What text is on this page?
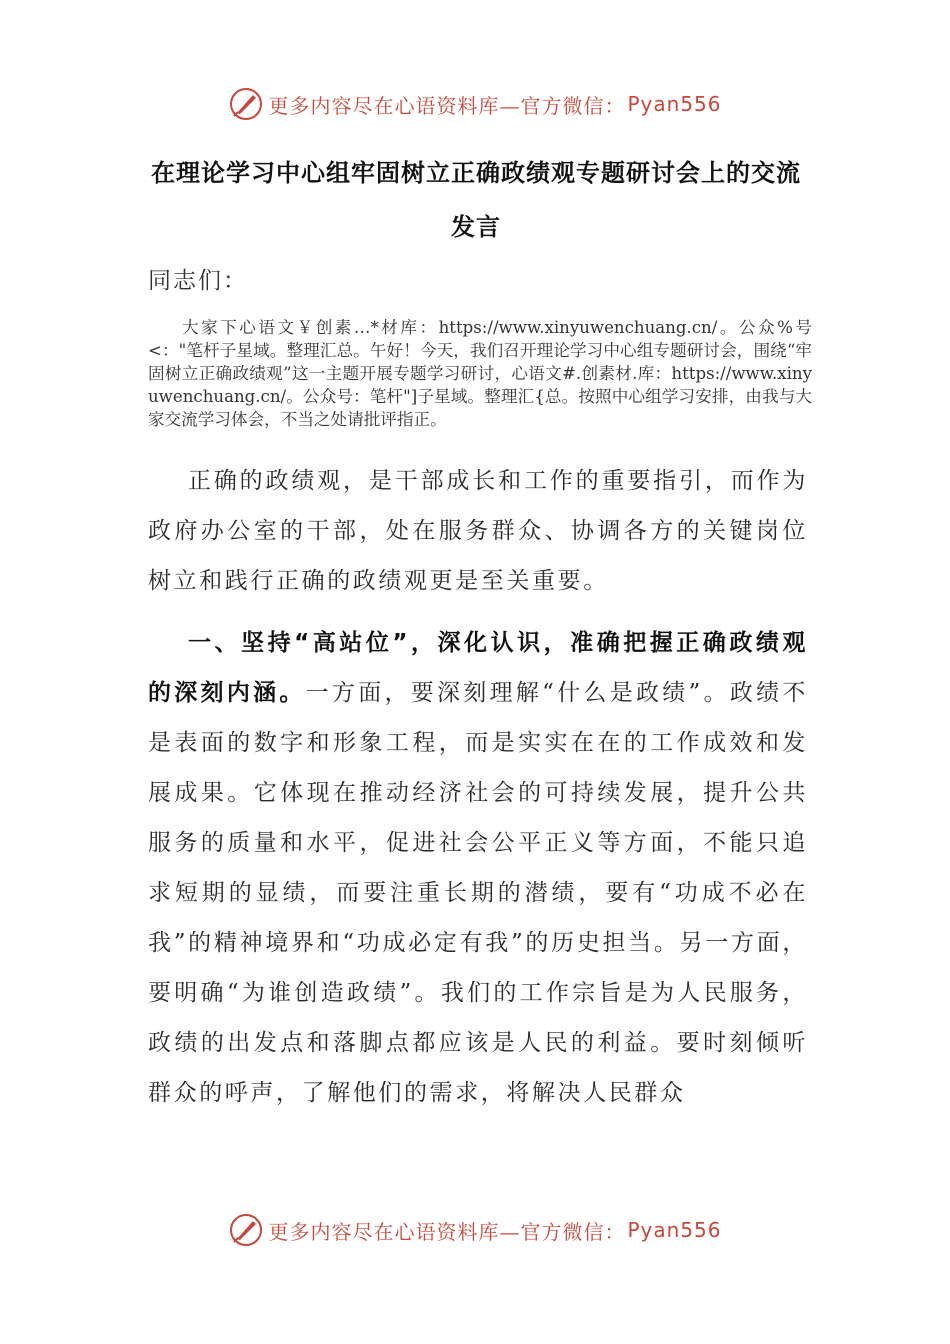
更多内容尽在心语资料库—官方微信： Pyan556
在理论学习中心组牢固树立正确政绩观专题研讨会上的交流发言
同志们：
大家下心语文￥创素…*材库：https://www.xinyuwenchuang.cn/。公众%号<："笔杆子星域。整理汇总。午好！今天，我们召开理论学习中心组专题研讨会，围绕“牢固树立正确政绩观”这一主题开展专题学习研讨，心语文#.创素材.库：https://www.xinyuwenchuang.cn/。公众号：笔杆"]子星域。整理汇{总。按照中心组学习安排，由我与大家交流学习体会，不当之处请批评指正。
正确的政绩观，是干部成长和工作的重要指引，而作为政府办公室的干部，处在服务群众、协调各方的关键岗位树立和践行正确的政绩观更是至关重要。
一、坚持“高站位”，深化认识，准确把握正确政绩观的深刻内涵。一方面，要深刻理解“什么是政绩”。政绩不是表面的数字和形象工程，而是实实在在的工作成效和发展成果。它体现在推动经济社会的可持续发展，提升公共服务的质量和水平，促进社会公平正义等方面，不能只追求短期的显绩，而要注重长期的潜绩，要有“功成不必在我”的精神境界和“功成必定有我”的历史担当。另一方面，要明确“为谁创造政绩”。我们的工作宗旨是为人民服务，政绩的出发点和落脚点都应该是人民的利益。要时刻倾听群众的呼声，了解他们的需求，将解决人民群众
更多内容尽在心语资料库—官方微信： Pyan556
